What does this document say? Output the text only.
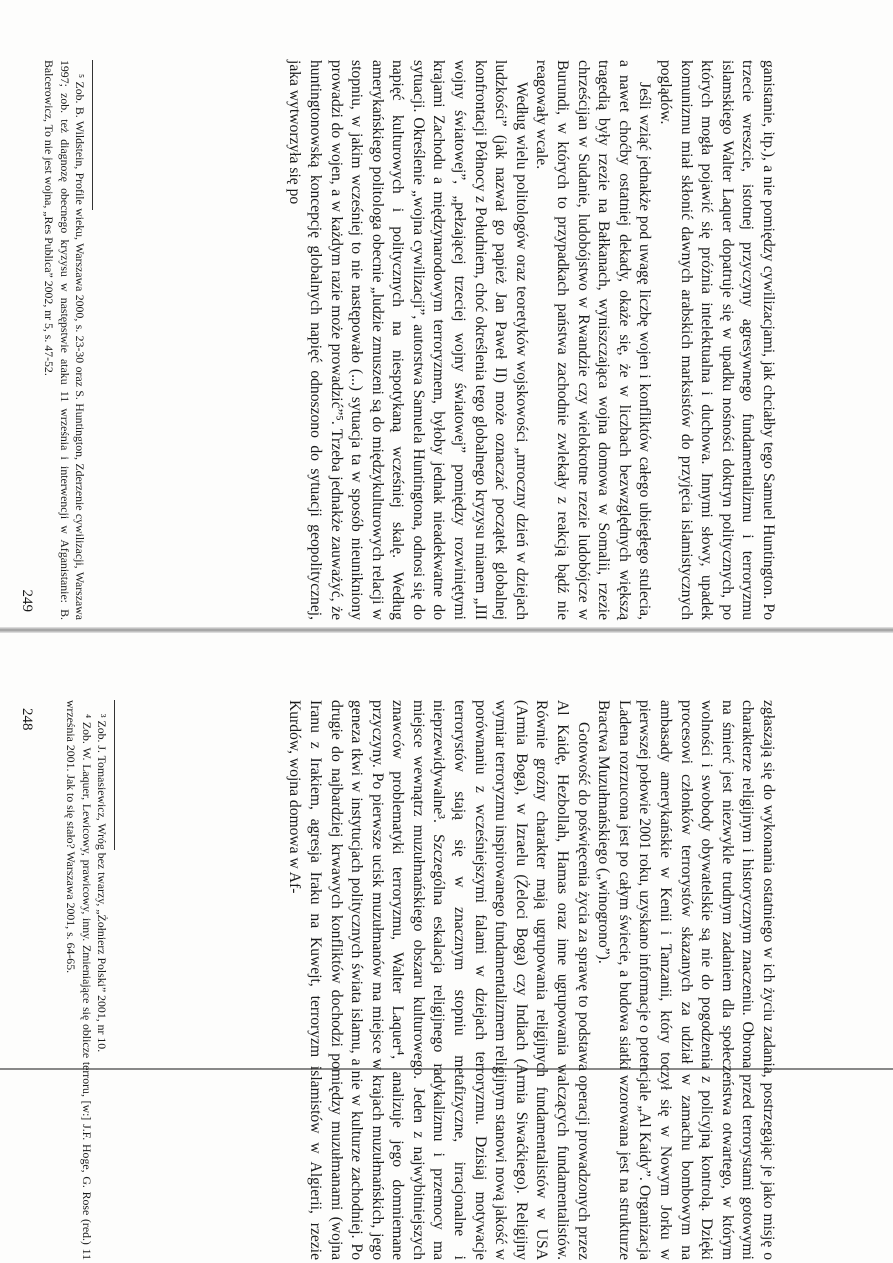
ganistanie, itp.), a nie pomiędzy cywilizacjami, jak chciałby tego Samuel Huntington. Po trzecie wreszcie, istotnej przyczyny agresywnego fundamentalizmu i terroryzmu islamskiego Walter Laquer dopatruje się w upadku nośności doktryn politycznych, po których mogła pojawić się próżnia intelektualna i duchowa. Innymi słowy, upadek komunizmu miał skłonić dawnych arabskich marksistów do przyjęcia islamistycznych poglądów.

Jeśli wziąć jednakże pod uwagę liczbę wojen i konfliktów całego ubiegłego stulecia, a nawet choćby ostatniej dekady, okaże się, że w liczbach bezwzględnych większą tragedią były rzezie na Bałkanach, wyniszczająca wojna domowa w Somalii, rzezie chrześcijan w Sudanie, ludobójstwo w Rwandzie czy wielokrotne rzezie ludobójcze w Burundi, w których to przypadkach państwa zachodnie zwlekały z reakcją bądź nie reagowały wcale.

Według wielu politologów oraz teoretyków wojskowości „mroczny dzień w dziejach ludzkości” (jak nazwał go papież Jan Paweł II) może oznaczać początek globalnej konfrontacji Północy z Południem, choć określenia tego globalnego kryzysu mianem „III wojny światowej”, „pełzającej trzeciej wojny światowej” pomiędzy rozwiniętymi krajami Zachodu a międzynarodowym terroryzmem, byłoby jednak nieadekwatne do sytuacji. Określenie „wojna cywilizacji”, autorstwa Samuela Huntingtona, odnosi się do napięć kulturowych i politycznych na niespotykaną wcześniej skalę. Według amerykańskiego politologa obecnie „ludzie zmuszeni są do międzykulturowych relacji w stopniu, w jakim wcześniej to nie następowało (...) sytuacja ta w sposób nieunikniony prowadzi do wojen, a w każdym razie może prowadzić”⁵. Trzeba jednakże zauważyć, że huntingtonowską koncepcję globalnych napięć odnoszono do sytuacji geopolitycznej, jaka wytworzyła się po

⁵ Zob. B. Wildstein, Profile wieku, Warszawa 2000, s. 23-30 oraz S. Huntington, Zderzenie cywilizacji, Warszawa 1997; zob. też diagnozę obecnego kryzysu w następstwie ataku 11 września i interwencji w Afganistanie: B. Balcerowicz, To nie jest wojna, „Res Publica” 2002, nr 5, s. 47-52.

249

zgłaszają się do wykonania ostatniego w ich życiu zadania, postrzegając je jako misję o charakterze religijnym i historycznym znaczeniu. Obrona przed terrorystami gotowymi na śmierć jest niezwykle trudnym zadaniem dla społeczeństwa otwartego, w którym wolności i swobody obywatelskie są nie do pogodzenia z policyjną kontrolą. Dzięki procesowi członków terrorystów skazanych za udział w zamachu bombowym na ambasady amerykańskie w Kenii i Tanzanii, który toczył się w Nowym Jorku w pierwszej połowie 2001 roku, uzyskano informacje o potencjale „Al Kaidy”. Organizacja Ladena rozrzucona jest po całym świecie, a budowa siatki wzorowana jest na strukturze Bractwa Muzułmańskiego („winogrono”).

Gotowość do poświęcenia życia za sprawę to podstawa operacji prowadzonych przez Al Kaidę, Hezbollah, Hamas oraz inne ugrupowania walczących fundamentalistów. Równie groźny charakter mają ugrupowania religijnych fundamentalistów w USA (Armia Boga), w Izraelu (Żeloci Boga) czy Indiach (Armia Siwaćkiego). Religijny wymiar terroryzmu inspirowanego fundamentalizmem religijnym stanowi nową jakość w porównaniu z wcześniejszymi falami w dziejach terroryzmu. Dzisiaj motywacje terrorystów stają się w znacznym stopniu metafizyczne, irracjonalne i nieprzewidywalne³. Szczególna eskalacja religijnego radykalizmu i przemocy ma miejsce wewnątrz muzułmańskiego obszaru kulturowego. Jeden z najwybitniejszych znawców problematyki terroryzmu, Walter Laquer⁴, analizuje jego domniemane przyczyny. Po pierwsze ucisk muzułmanów ma miejsce w krajach muzułmańskich, jego geneza tkwi w instytucjach politycznych świata islamu, a nie w kulturze zachodniej. Po drugie do najbardziej krwawych konfliktów dochodzi pomiędzy muzułmanami (wojna Iranu z Irakiem, agresja Iraku na Kuwejt, terroryzm islamistów w Algierii, rzezie Kurdów, wojna domowa w Af-

³ Zob. J. Tomasiewicz, Wróg bez twarzy, „Żołnierz Polski” 2001, nr 10.

⁴ Zob. W. Laquer, Lewicowy, prawicowy, inny. Zmieniające się oblicze terroru, [w:] J.F. Hoge, G. Rose (red.) 11 września 2001. Jak to się stało? Warszawa 2001, s. 64-65.

248
